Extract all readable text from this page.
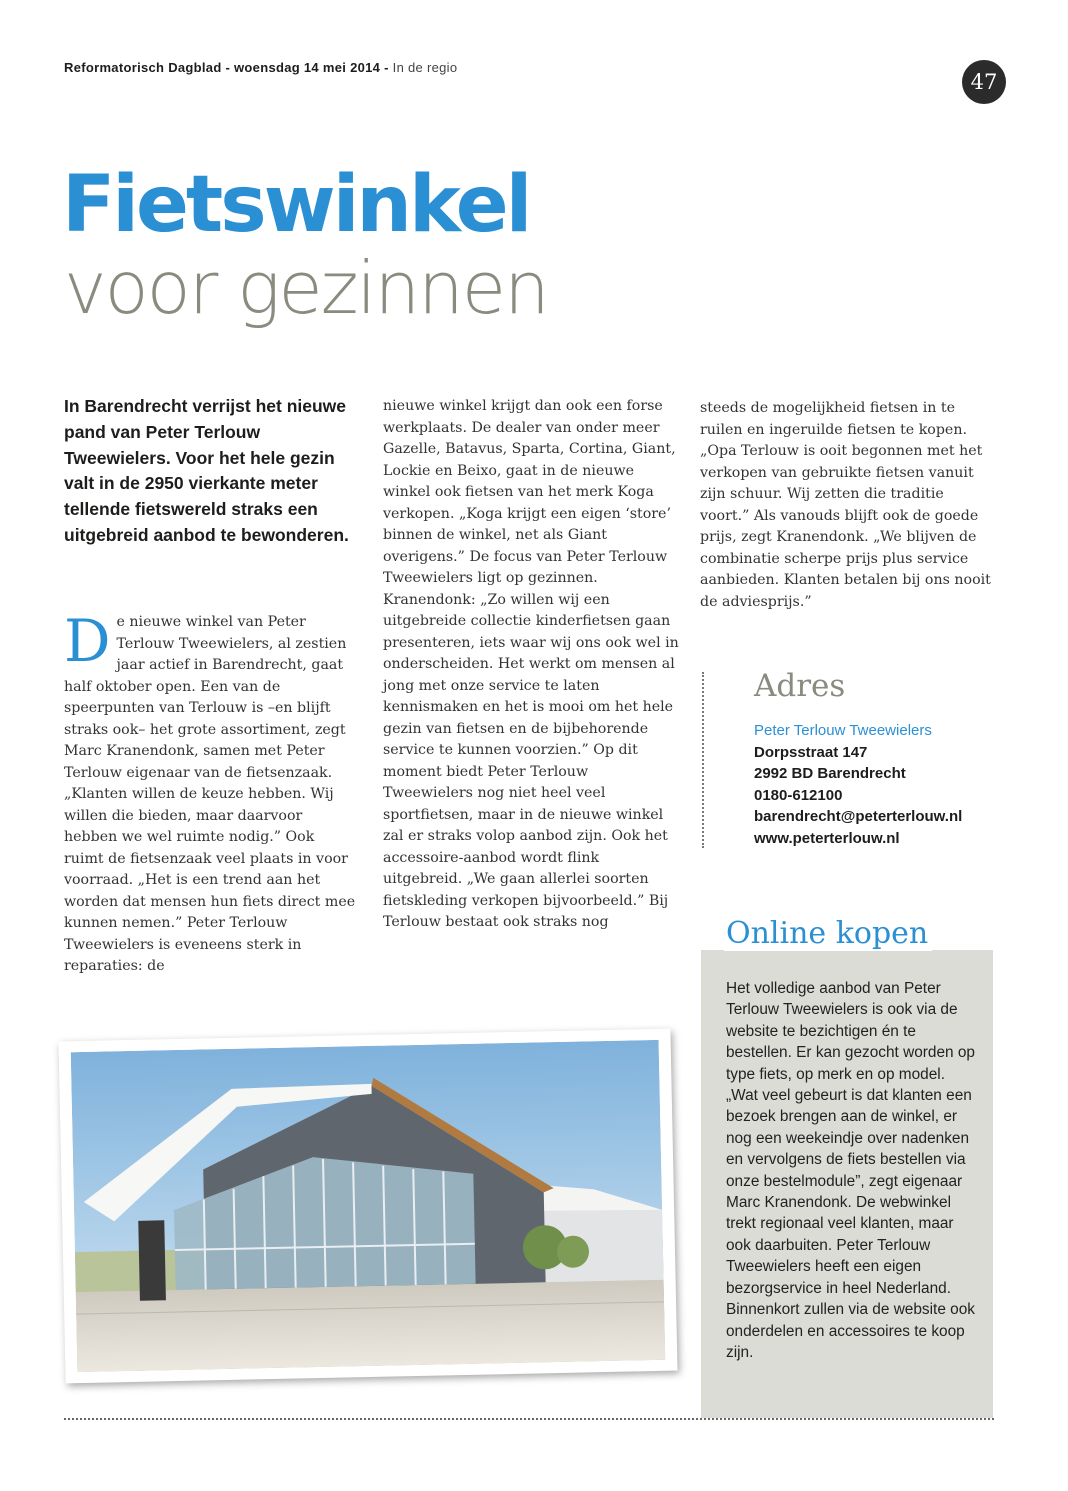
Reformatorisch Dagblad - woensdag 14 mei 2014 - In de regio
47
Fietswinkel
voor gezinnen
In Barendrecht verrijst het nieuwe pand van Peter Terlouw Tweewielers. Voor het hele gezin valt in de 2950 vierkante meter tellende fietswereld straks een uitgebreid aanbod te bewonderen.
D e nieuwe winkel van Peter Terlouw Tweewielers, al zestien jaar actief in Barendrecht, gaat half oktober open. Een van de speerpunten van Terlouw is –en blijft straks ook– het grote assortiment, zegt Marc Kranendonk, samen met Peter Terlouw eigenaar van de fietsenzaak. „Klanten willen de keuze hebben. Wij willen die bieden, maar daarvoor hebben we wel ruimte nodig.” Ook ruimt de fietsenzaak veel plaats in voor voorraad. „Het is een trend aan het worden dat mensen hun fiets direct mee kunnen nemen.” Peter Terlouw Tweewielers is eveneens sterk in reparaties: de

nieuwe winkel krijgt dan ook een forse werkplaats. De dealer van onder meer Gazelle, Batavus, Sparta, Cortina, Giant, Lockie en Beixo, gaat in de nieuwe winkel ook fietsen van het merk Koga verkopen. „Koga krijgt een eigen ‘store’ binnen de winkel, net als Giant overigens.” De focus van Peter Terlouw Tweewielers ligt op gezinnen. Kranendonk: „Zo willen wij een uitgebreide collectie kinderfietsen gaan presenteren, iets waar wij ons ook wel in onderscheiden. Het werkt om mensen al jong met onze service te laten kennismaken en het is mooi om het hele gezin van fietsen en de bijbehorende service te kunnen voorzien.” Op dit moment biedt Peter Terlouw Tweewielers nog niet heel veel sportfietsen, maar in de nieuwe winkel zal er straks volop aanbod zijn. Ook het accessoire-aanbod wordt flink uitgebreid. „We gaan allerlei soorten fietskleding verkopen bijvoorbeeld.” Bij Terlouw bestaat ook straks nog

steeds de mogelijkheid fietsen in te ruilen en ingeruilde fietsen te kopen. „Opa Terlouw is ooit begonnen met het verkopen van gebruikte fietsen vanuit zijn schuur. Wij zetten die traditie voort.” Als vanouds blijft ook de goede prijs, zegt Kranendonk. „We blijven de combinatie scherpe prijs plus service aanbieden. Klanten betalen bij ons nooit de adviesprijs.”

Adres
Peter Terlouw Tweewielers
Dorpsstraat 147
2992 BD Barendrecht
0180-612100
barendrecht@peterterlouw.nl
www.peterterlouw.nl
Online kopen
Het volledige aanbod van Peter Terlouw Tweewielers is ook via de website te bezichtigen én te bestellen. Er kan gezocht worden op type fiets, op merk en op model. „Wat veel gebeurt is dat klanten een bezoek brengen aan de winkel, er nog een weekeindje over nadenken en vervolgens de fiets bestellen via onze bestelmodule”, zegt eigenaar Marc Kranendonk. De webwinkel trekt regionaal veel klanten, maar ook daarbuiten. Peter Terlouw Tweewielers heeft een eigen bezorgservice in heel Nederland. Binnenkort zullen via de website ook onderdelen en accessoires te koop zijn.
